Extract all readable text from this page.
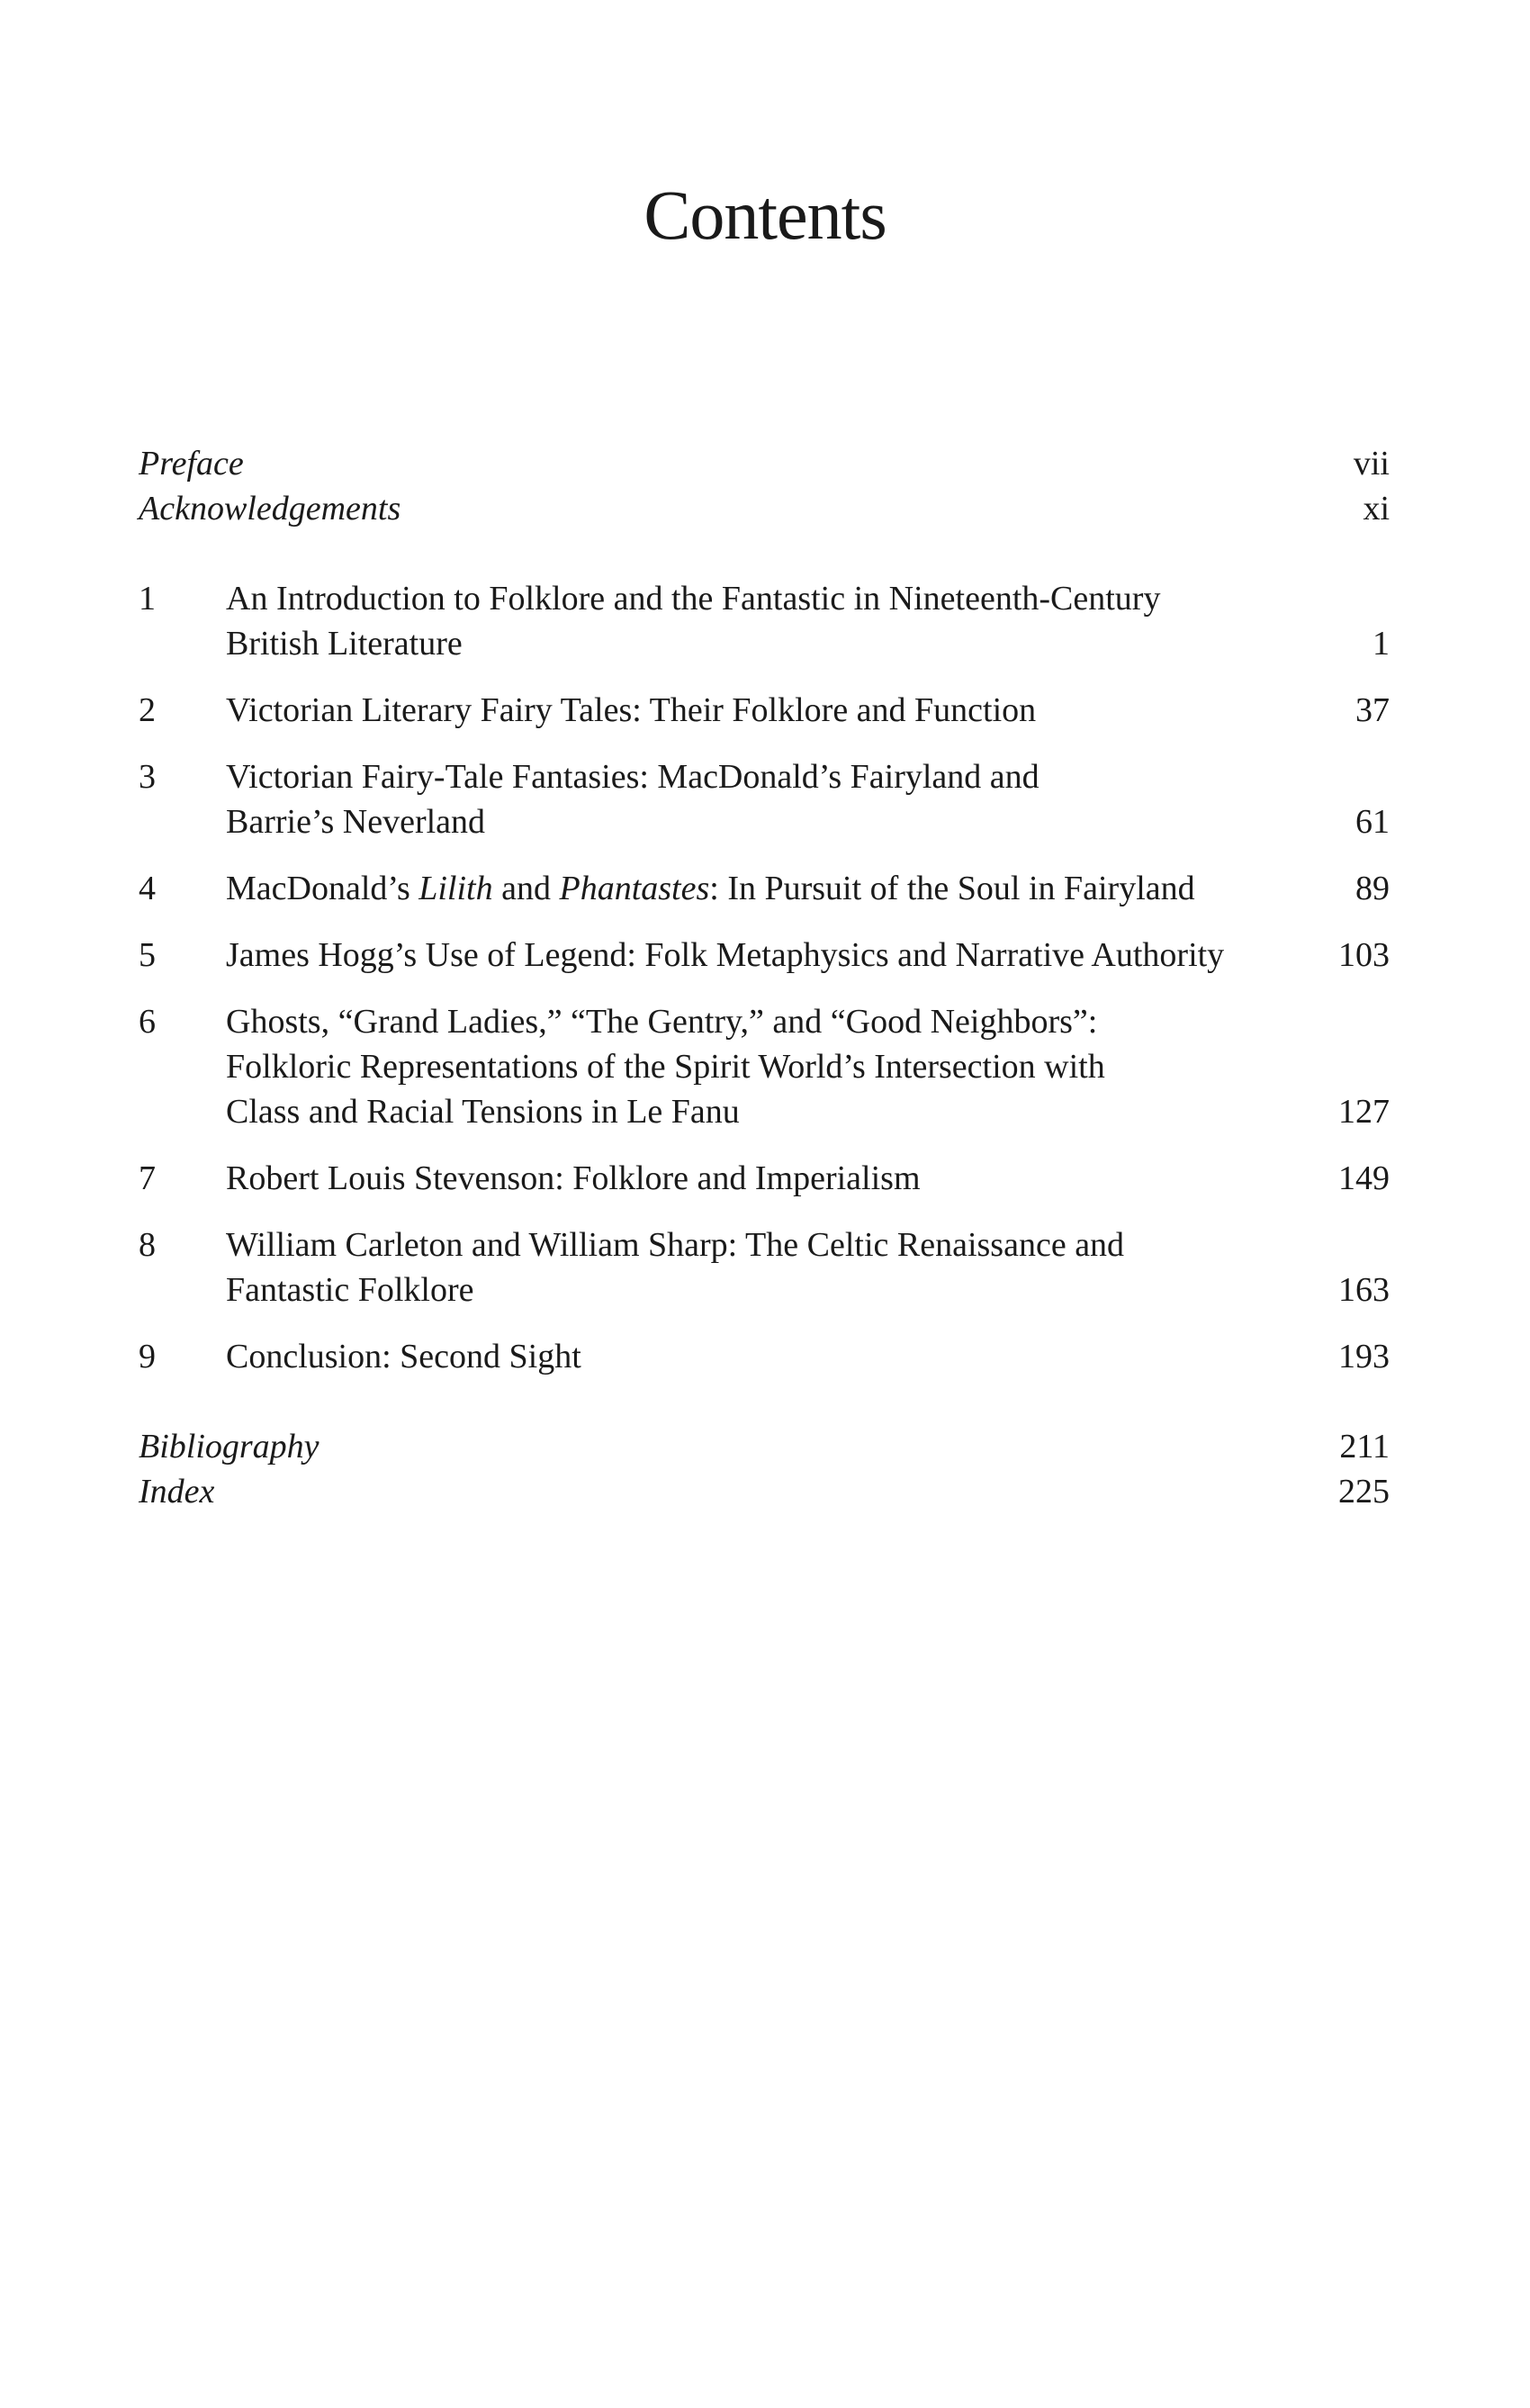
Contents
Preface	vii
Acknowledgements	xi
1	An Introduction to Folklore and the Fantastic in Nineteenth-Century
British Literature	1
2	Victorian Literary Fairy Tales: Their Folklore and Function	37
3	Victorian Fairy-Tale Fantasies: MacDonald’s Fairyland and
Barrie’s Neverland	61
4	MacDonald’s Lilith and Phantastes: In Pursuit of the Soul in Fairyland	89
5	James Hogg’s Use of Legend: Folk Metaphysics and Narrative Authority	103
6	Ghosts, “Grand Ladies,” “The Gentry,” and “Good Neighbors”:
Folkloric Representations of the Spirit World’s Intersection with
Class and Racial Tensions in Le Fanu	127
7	Robert Louis Stevenson: Folklore and Imperialism	149
8	William Carleton and William Sharp: The Celtic Renaissance and
Fantastic Folklore	163
9	Conclusion: Second Sight	193
Bibliography	211
Index	225
